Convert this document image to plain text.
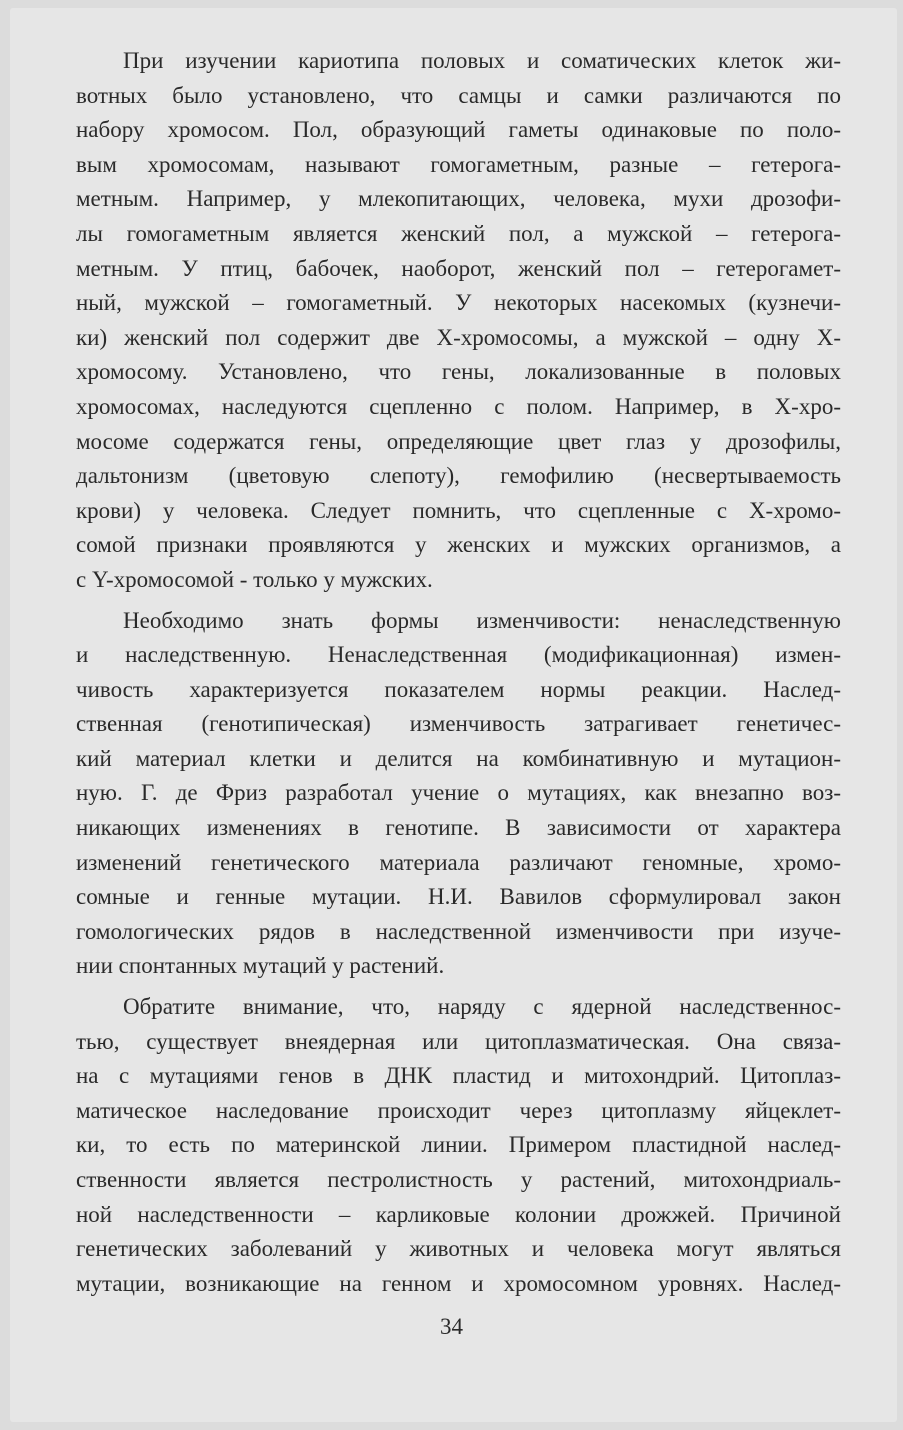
При изучении кариотипа половых и соматических клеток жи-
вотных было установлено, что самцы и самки различаются по
набору хромосом. Пол, образующий гаметы одинаковые по поло-
вым хромосомам, называют гомогаметным, разные – гетерога-
метным. Например, у млекопитающих, человека, мухи дрозофи-
лы гомогаметным является женский пол, а мужской – гетерога-
метным. У птиц, бабочек, наоборот, женский пол – гетерогамет-
ный, мужской – гомогаметный. У некоторых насекомых (кузнечи-
ки) женский пол содержит две Х-хромосомы, а мужской – одну Х-
хромосому. Установлено, что гены, локализованные в половых
хромосомах, наследуются сцепленно с полом. Например, в Х-хро-
мосоме содержатся гены, определяющие цвет глаз у дрозофилы,
дальтонизм (цветовую слепоту), гемофилию (несвертываемость
крови) у человека. Следует помнить, что сцепленные с Х-хромо-
сомой признаки проявляются у женских и мужских организмов, а
с Y-хромосомой - только у мужских.
Необходимо знать формы изменчивости: ненаследственную
и наследственную. Ненаследственная (модификационная) измен-
чивость характеризуется показателем нормы реакции. Наслед-
ственная (генотипическая) изменчивость затрагивает генетичес-
кий материал клетки и делится на комбинативную и мутацион-
ную. Г. де Фриз разработал учение о мутациях, как внезапно воз-
никающих изменениях в генотипе. В зависимости от характера
изменений генетического материала различают геномные, хромо-
сомные и генные мутации. Н.И. Вавилов сформулировал закон
гомологических рядов в наследственной изменчивости при изуче-
нии спонтанных мутаций у растений.
Обратите внимание, что, наряду с ядерной наследственнос-
тью, существует внеядерная или цитоплазматическая. Она связа-
на с мутациями генов в ДНК пластид и митохондрий. Цитоплаз-
матическое наследование происходит через цитоплазму яйцеклет-
ки, то есть по материнской линии. Примером пластидной наслед-
ственности является пестролистность у растений, митохондриаль-
ной наследственности – карликовые колонии дрожжей. Причиной
генетических заболеваний у животных и человека могут являться
мутации, возникающие на генном и хромосомном уровнях. Наслед-
34
